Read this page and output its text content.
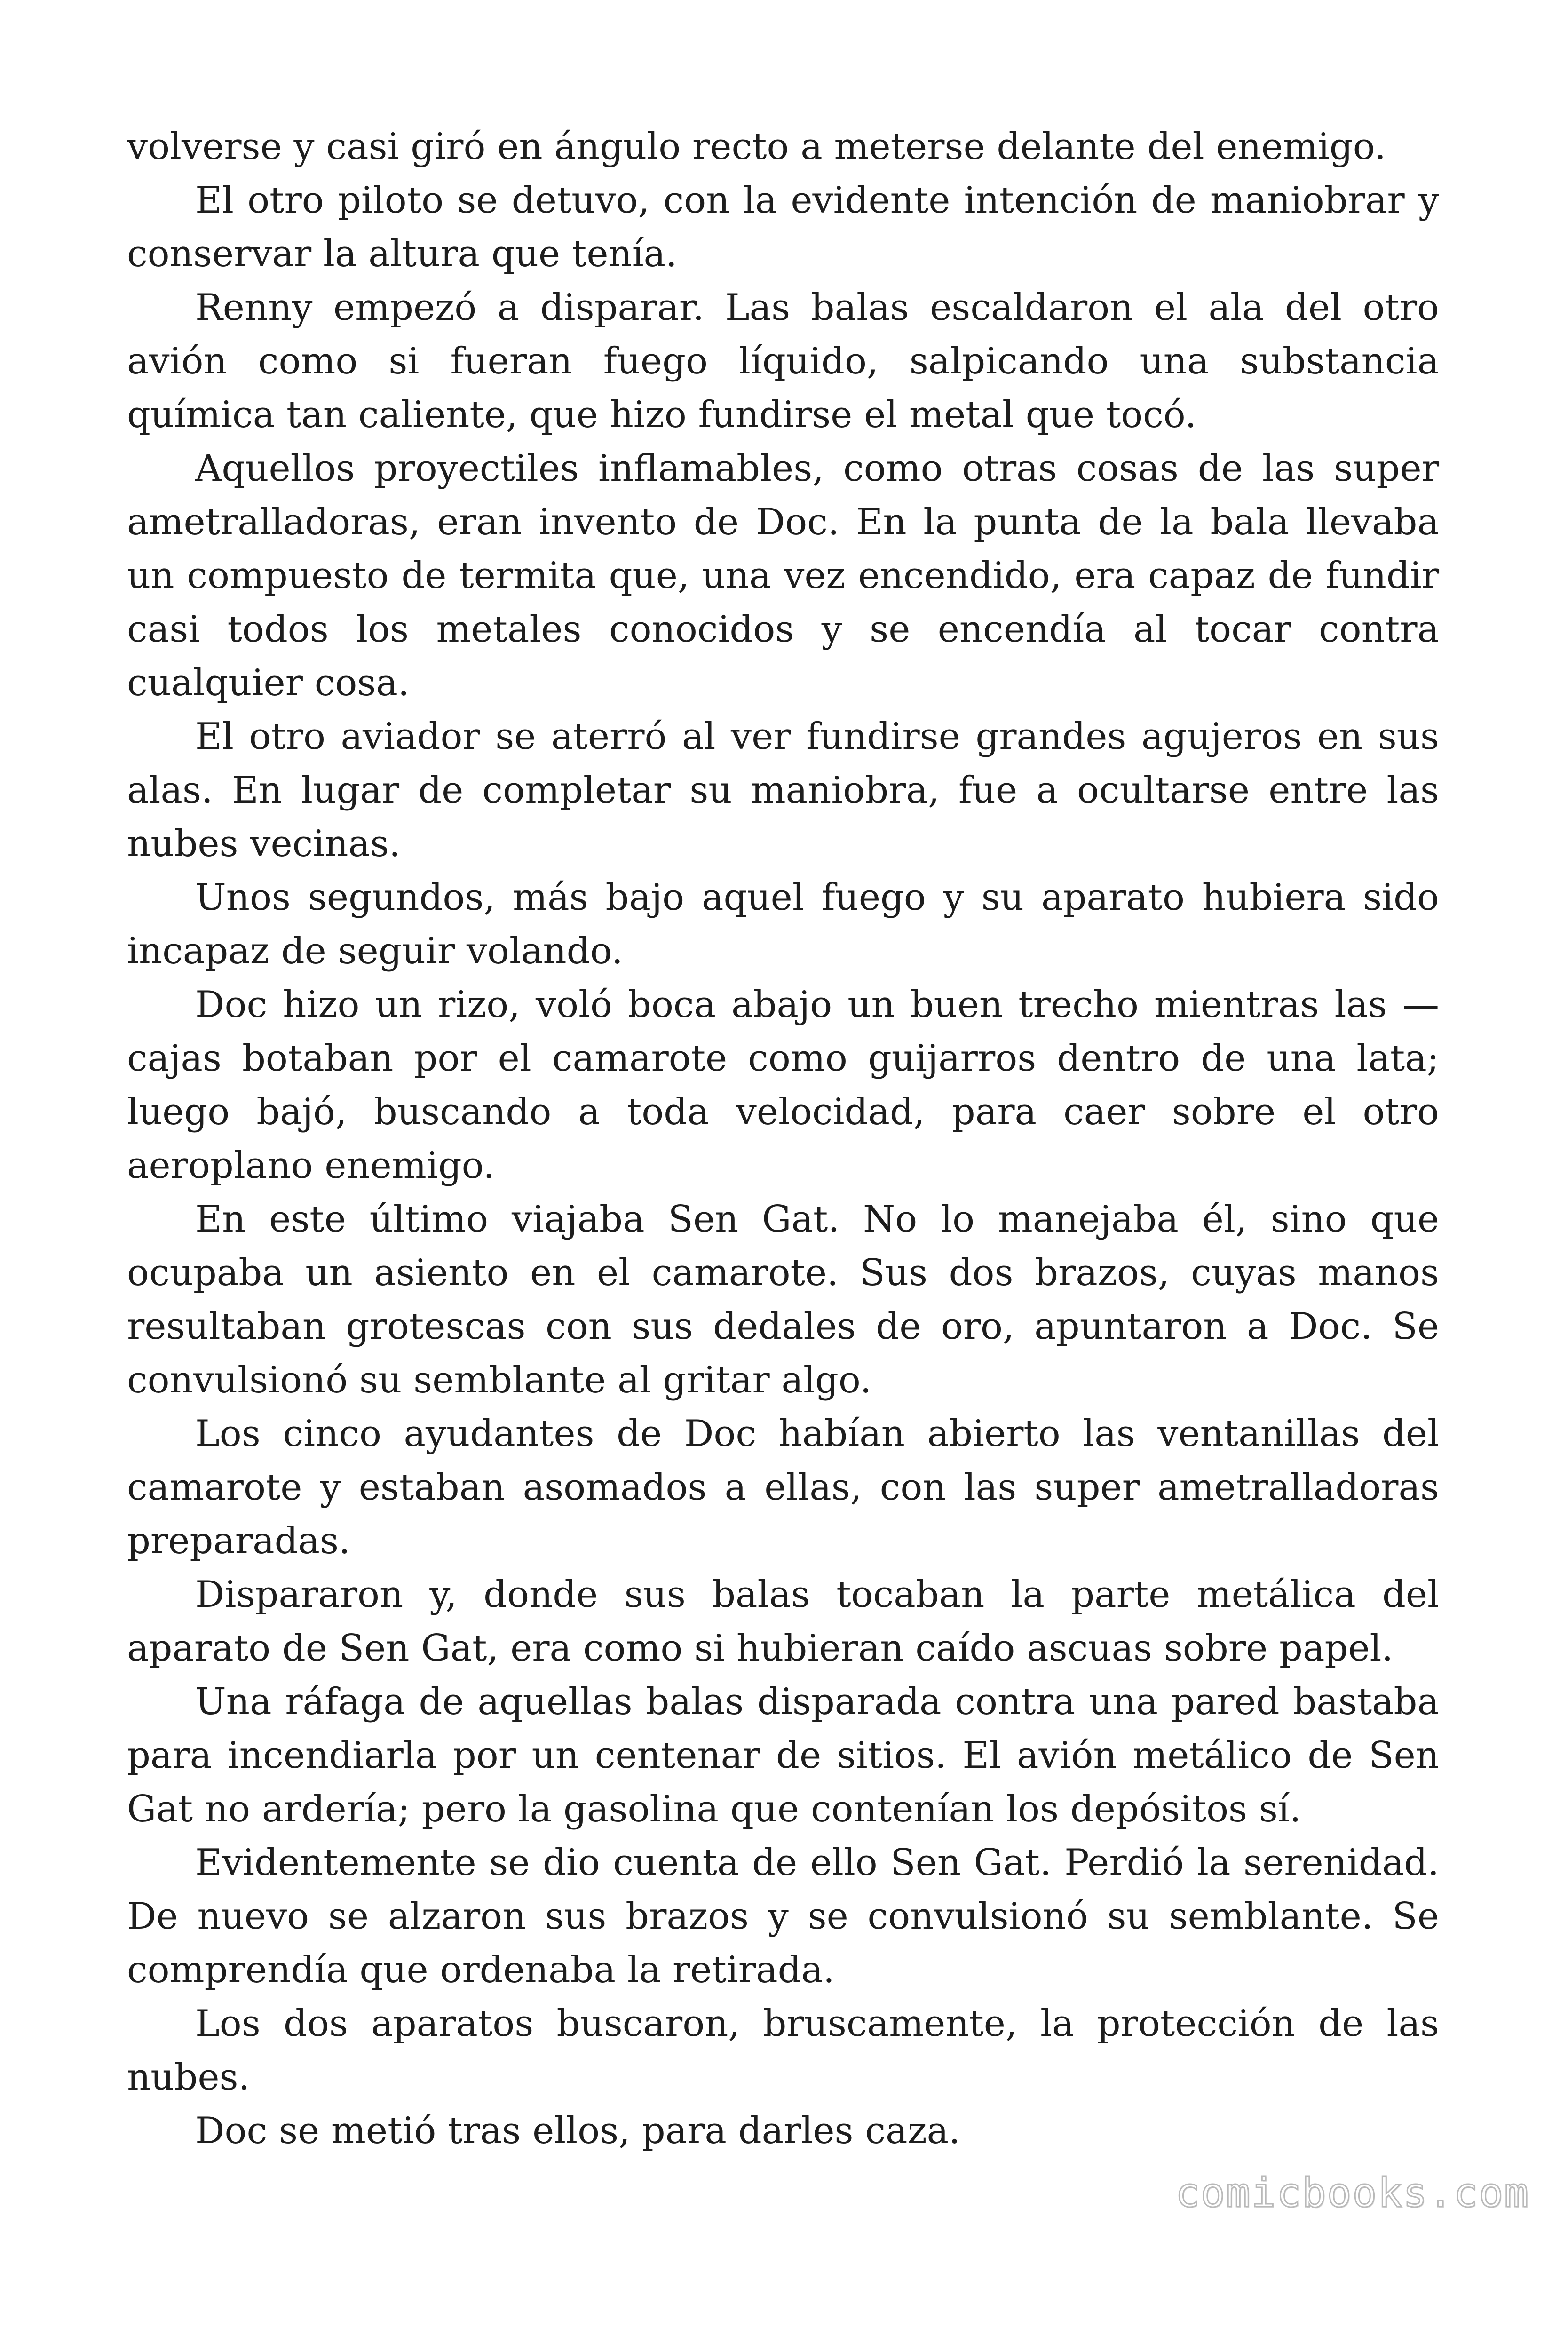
volverse y casi giró en ángulo recto a meterse delante del enemigo.

El otro piloto se detuvo, con la evidente intención de maniobrar y conservar la altura que tenía.

Renny empezó a disparar. Las balas escaldaron el ala del otro avión como si fueran fuego líquido, salpicando una substancia química tan caliente, que hizo fundirse el metal que tocó.

Aquellos proyectiles inflamables, como otras cosas de las super ametralladoras, eran invento de Doc. En la punta de la bala llevaba un compuesto de termita que, una vez encendido, era capaz de fundir casi todos los metales conocidos y se encendía al tocar contra cualquier cosa.

El otro aviador se aterró al ver fundirse grandes agujeros en sus alas. En lugar de completar su maniobra, fue a ocultarse entre las nubes vecinas.

Unos segundos, más bajo aquel fuego y su aparato hubiera sido incapaz de seguir volando.

Doc hizo un rizo, voló boca abajo un buen trecho mientras las — cajas botaban por el camarote como guijarros dentro de una lata; luego bajó, buscando a toda velocidad, para caer sobre el otro aeroplano enemigo.

En este último viajaba Sen Gat. No lo manejaba él, sino que ocupaba un asiento en el camarote. Sus dos brazos, cuyas manos resultaban grotescas con sus dedales de oro, apuntaron a Doc. Se convulsionó su semblante al gritar algo.

Los cinco ayudantes de Doc habían abierto las ventanillas del camarote y estaban asomados a ellas, con las super ametralladoras preparadas.

Dispararon y, donde sus balas tocaban la parte metálica del aparato de Sen Gat, era como si hubieran caído ascuas sobre papel.

Una ráfaga de aquellas balas disparada contra una pared bastaba para incendiarla por un centenar de sitios. El avión metálico de Sen Gat no ardería; pero la gasolina que contenían los depósitos sí.

Evidentemente se dio cuenta de ello Sen Gat. Perdió la serenidad. De nuevo se alzaron sus brazos y se convulsionó su semblante. Se comprendía que ordenaba la retirada.

Los dos aparatos buscaron, bruscamente, la protección de las nubes.

Doc se metió tras ellos, para darles caza.

comicbooks.com
